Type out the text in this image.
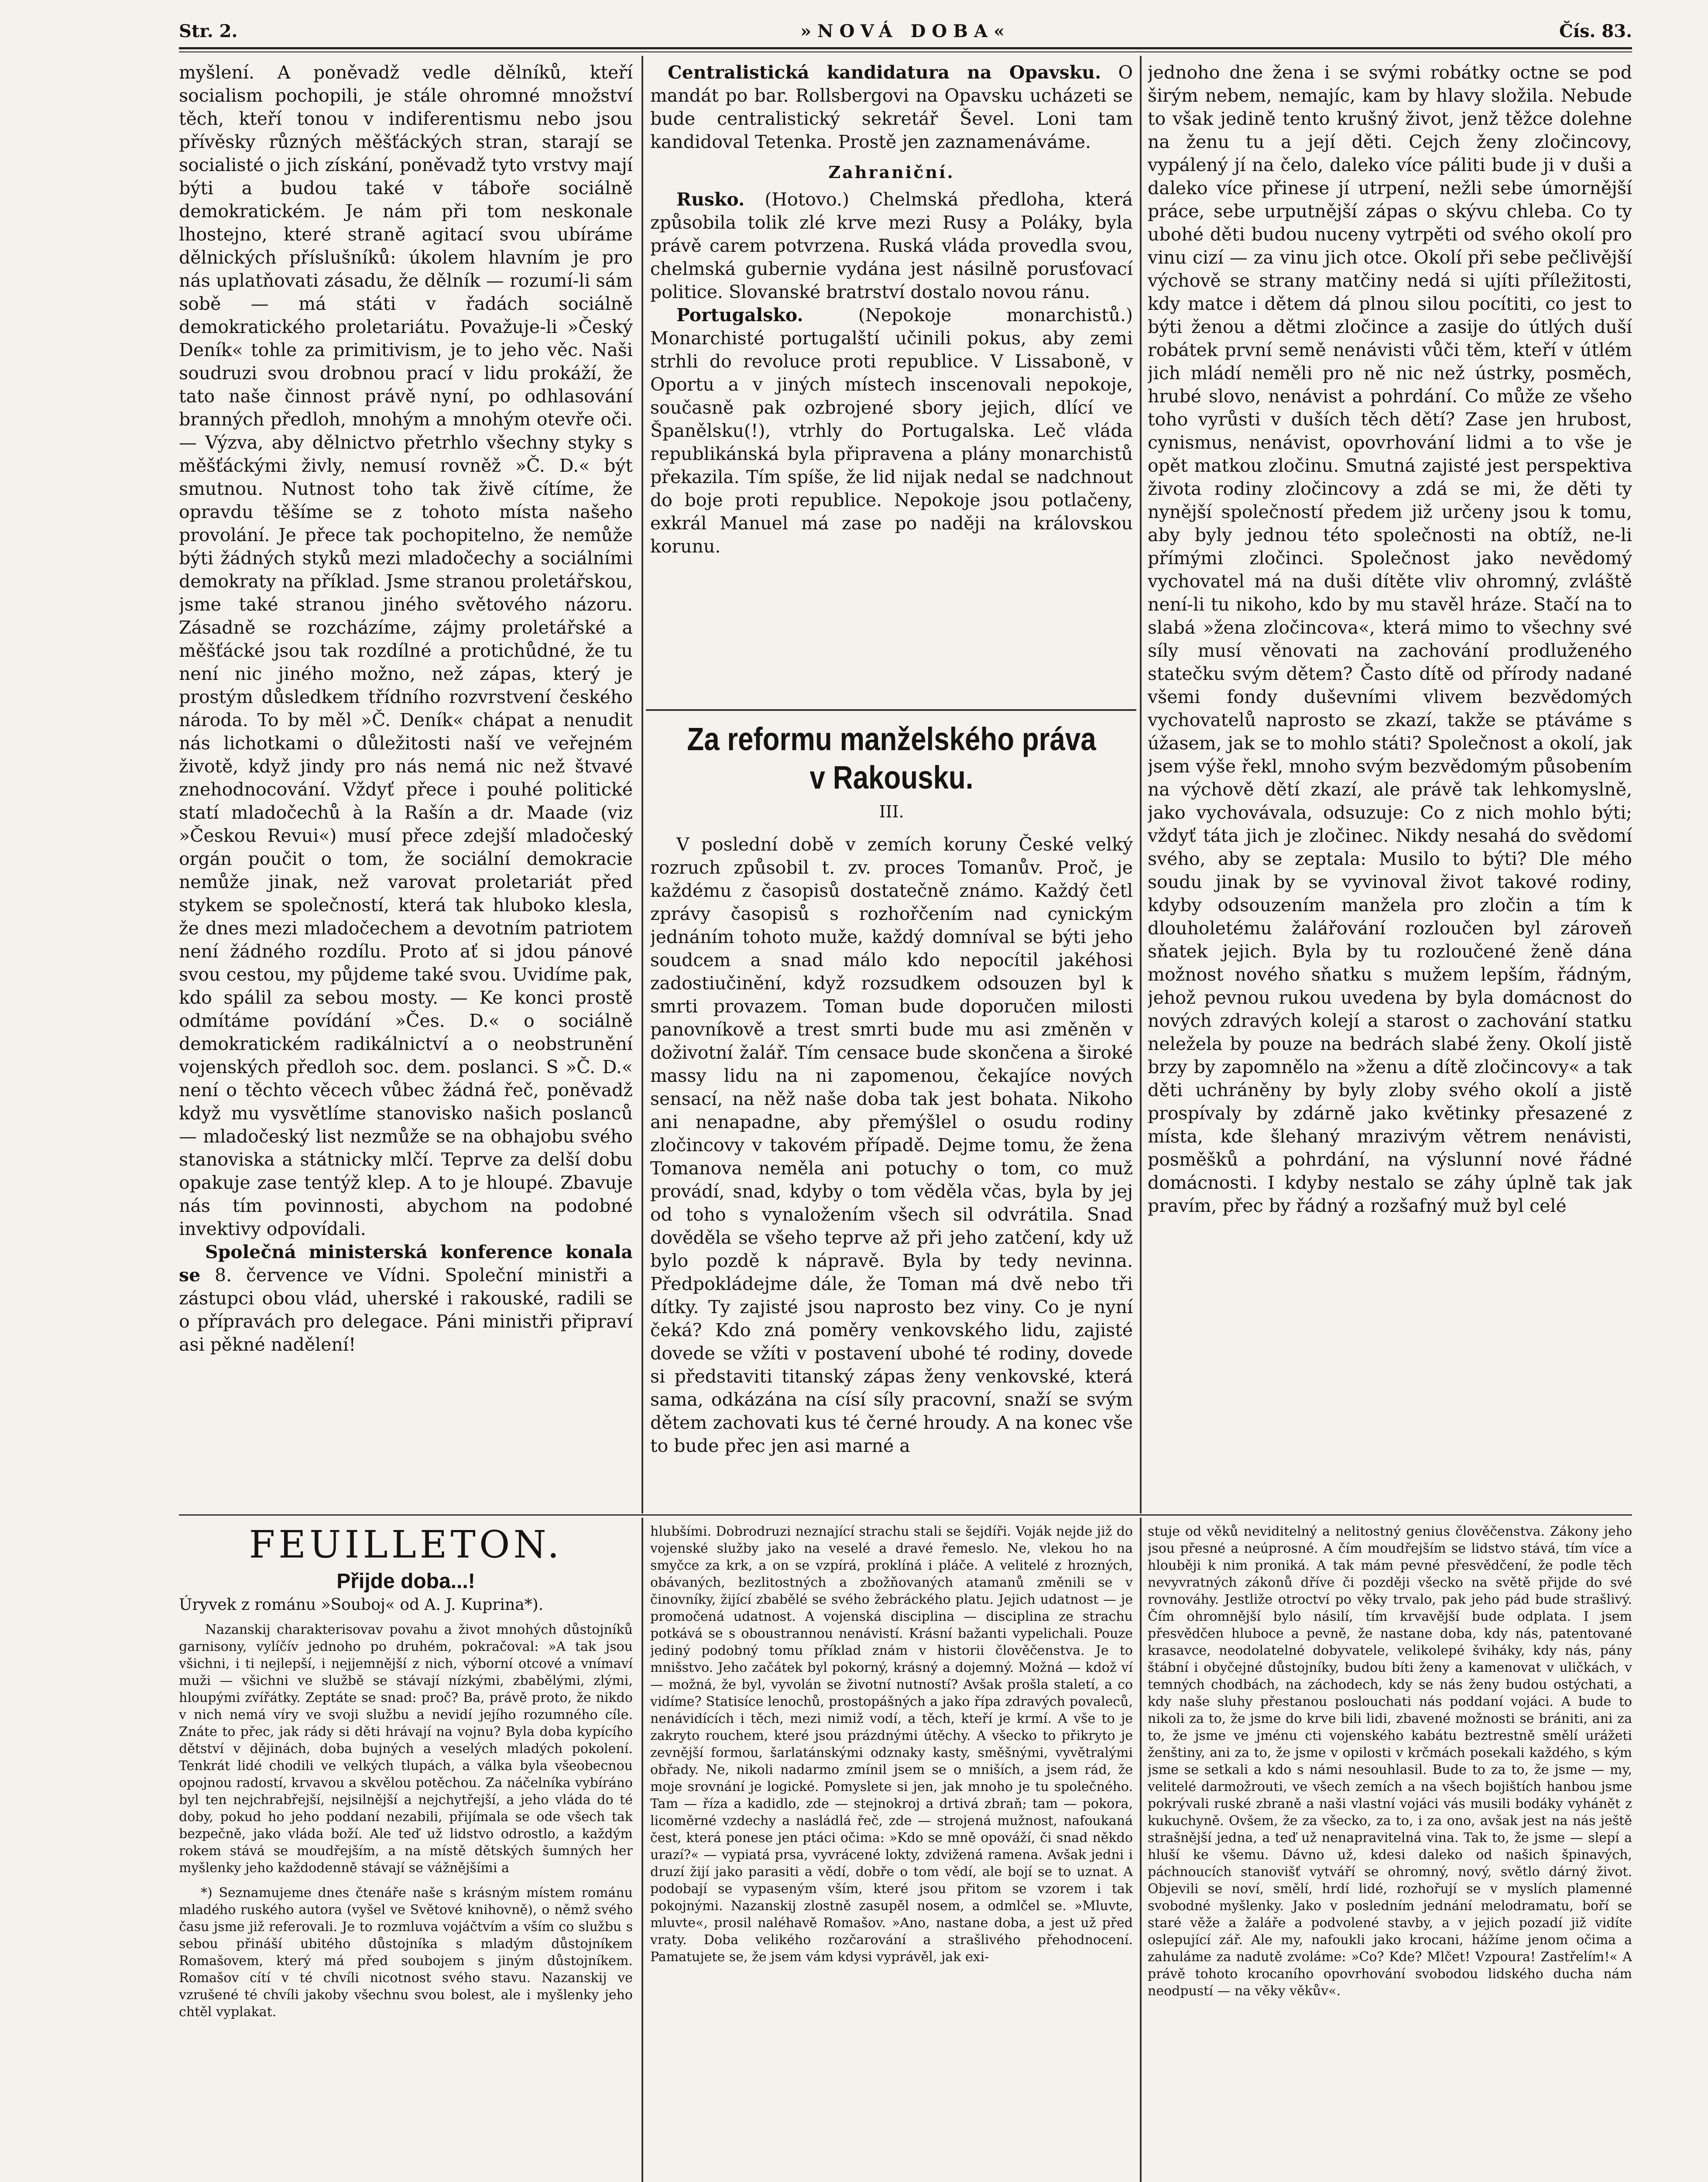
Str. 2.	»NOVÁ DOBA«	Čís. 83.

myšlení. A poněvadž vedle dělníků, kteří socialism pochopili, je stále ohromné množství těch, kteří tonou v indiferentismu nebo jsou přívěsky různých měšťáckých stran, starají se socialisté o jich získání, poněvadž tyto vrstvy mají býti a budou také v táboře sociálně demokratickém. Je nám při tom neskonale lhostejno, které straně agitací svou ubíráme dělnických příslušníků: úkolem hlavním je pro nás uplatňovati zásadu, že dělník — rozumí-li sám sobě — má státi v řadách sociálně demokratického proletariátu. Považuje-li »Český Deník« tohle za primitivism, je to jeho věc. Naši soudruzi svou drobnou prací v lidu prokáží, že tato naše činnost právě nyní, po odhlasování branných předloh, mnohým a mnohým otevře oči. — Výzva, aby dělnictvo přetrhlo všechny styky s měšťáckými živly, nemusí rovněž »Č. D.« být smutnou. Nutnost toho tak živě cítíme, že opravdu těšíme se z tohoto místa našeho provolání. Je přece tak pochopitelno, že nemůže býti žádných styků mezi mladočechy a sociálními demokraty na příklad. Jsme stranou proletářskou, jsme také stranou jiného světového názoru. Zásadně se rozcházíme, zájmy proletářské a měšťácké jsou tak rozdílné a protichůdné, že tu není nic jiného možno, než zápas, který je prostým důsledkem třídního rozvrstvení českého národa. To by měl »Č. Deník« chápat a nenudit nás lichotkami o důležitosti naší ve veřejném životě, když jindy pro nás nemá nic než štvavé znehodnocování. Vždyť přece i pouhé politické statí mladočechů à la Rašín a dr. Maade (viz »Českou Revui«) musí přece zdejší mladočeský orgán poučit o tom, že sociální demokracie nemůže jinak, než varovat proletariát před stykem se společností, která tak hluboko klesla, že dnes mezi mladočechem a devotním patriotem není žádného rozdílu. Proto ať si jdou pánové svou cestou, my půjdeme také svou. Uvidíme pak, kdo spálil za sebou mosty. — Ke konci prostě odmítáme povídání »Čes. D.« o sociálně demokratickém radikálnictví a o neobstrunění vojenských předloh soc. dem. poslanci. S »Č. D.« není o těchto věcech vůbec žádná řeč, poněvadž když mu vysvětlíme stanovisko našich poslanců — mladočeský list nezmůže se na obhajobu svého stanoviska a státnicky mlčí. Teprve za delší dobu opakuje zase tentýž klep. A to je hloupé. Zbavuje nás tím povinnosti, abychom na podobné invektivy odpovídali.

Společná ministerská konference konala se 8. července ve Vídni. Společní ministři a zástupci obou vlád, uherské i rakouské, radili se o přípravách pro delegace. Páni ministři připraví asi pěkné nadělení!

Centralistická kandidatura na Opavsku. O mandát po bar. Rollsbergovi na Opavsku ucházeti se bude centralistický sekretář Ševel. Loni tam kandidoval Tetenka. Prostě jen zaznamenáváme.

Zahraniční.

Rusko. (Hotovo.) Chelmská předloha, která způsobila tolik zlé krve mezi Rusy a Poláky, byla právě carem potvrzena. Ruská vláda provedla svou, chelmská gubernie vydána jest násilně porusťovací politice. Slovanské bratrství dostalo novou ránu.

Portugalsko. (Nepokoje monarchistů.) Monarchisté portugalští učinili pokus, aby zemi strhli do revoluce proti republice. V Lissaboně, v Oportu a v jiných místech inscenovali nepokoje, současně pak ozbrojené sbory jejich, dlící ve Španělsku(!), vtrhly do Portugalska. Leč vláda republikánská byla připravena a plány monarchistů překazila. Tím spíše, že lid nijak nedal se nadchnout do boje proti republice. Nepokoje jsou potlačeny, exkrál Manuel má zase po naději na královskou korunu.

Za reformu manželského práva
v Rakousku.
III.

V poslední době v zemích koruny České velký rozruch způsobil t. zv. proces Tomanův. Proč, je každému z časopisů dostatečně známo. Každý četl zprávy časopisů s rozhořčením nad cynickým jednáním tohoto muže, každý domníval se býti jeho soudcem a snad málo kdo nepocítil jakéhosi zadostiučinění, když rozsudkem odsouzen byl k smrti provazem. Toman bude doporučen milosti panovníkově a trest smrti bude mu asi změněn v doživotní žalář. Tím censace bude skončena a široké massy lidu na ni zapomenou, čekajíce nových sensací, na něž naše doba tak jest bohata. Nikoho ani nenapadne, aby přemýšlel o osudu rodiny zločincovy v takovém případě. Dejme tomu, že žena Tomanova neměla ani potuchy o tom, co muž provádí, snad, kdyby o tom věděla včas, byla by jej od toho s vynaložením všech sil odvrátila. Snad dověděla se všeho teprve až při jeho zatčení, kdy už bylo pozdě k nápravě. Byla by tedy nevinna. Předpokládejme dále, že Toman má dvě nebo tři dítky. Ty zajisté jsou naprosto bez viny. Co je nyní čeká? Kdo zná poměry venkovského lidu, zajisté dovede se vžíti v postavení ubohé té rodiny, dovede si představiti titanský zápas ženy venkovské, která sama, odkázána na císí síly pracovní, snaží se svým dětem zachovati kus té černé hroudy. A na konec vše to bude přec jen asi marné a

jednoho dne žena i se svými robátky octne se pod širým nebem, nemajíc, kam by hlavy složila. Nebude to však jedině tento krušný život, jenž těžce dolehne na ženu tu a její děti. Cejch ženy zločincovy, vypálený jí na čelo, daleko více páliti bude ji v duši a daleko více přinese jí utrpení, nežli sebe úmornější práce, sebe urputnější zápas o skývu chleba. Co ty ubohé děti budou nuceny vytrpěti od svého okolí pro vinu cizí — za vinu jich otce. Okolí při sebe pečlivější výchově se strany matčiny nedá si ujíti příležitosti, kdy matce i dětem dá plnou silou pocítiti, co jest to býti ženou a dětmi zločince a zasije do útlých duší robátek první semě nenávisti vůči těm, kteří v útlém jich mládí neměli pro ně nic než ústrky, posměch, hrubé slovo, nenávist a pohrdání. Co může ze všeho toho vyrůsti v duších těch dětí? Zase jen hrubost, cynismus, nenávist, opovrhování lidmi a to vše je opět matkou zločinu. Smutná zajisté jest perspektiva života rodiny zločincovy a zdá se mi, že děti ty nynější společností předem již určeny jsou k tomu, aby byly jednou této společnosti na obtíž, ne-li přímými zločinci. Společnost jako nevědomý vychovatel má na duši dítěte vliv ohromný, zvláště není-li tu nikoho, kdo by mu stavěl hráze. Stačí na to slabá »žena zločincova«, která mimo to všechny své síly musí věnovati na zachování prodluženého statečku svým dětem? Často dítě od přírody nadané všemi fondy duševními vlivem bezvědomých vychovatelů naprosto se zkazí, takže se ptáváme s úžasem, jak se to mohlo státi? Společnost a okolí, jak jsem výše řekl, mnoho svým bezvědomým působením na výchově dětí zkazí, ale právě tak lehkomyslně, jako vychovávala, odsuzuje: Co z nich mohlo býti; vždyť táta jich je zločinec. Nikdy nesahá do svědomí svého, aby se zeptala: Musilo to býti? Dle mého soudu jinak by se vyvinoval život takové rodiny, kdyby odsouzením manžela pro zločin a tím k dlouholetému žalářování rozloučen byl zároveň sňatek jejich. Byla by tu rozloučené ženě dána možnost nového sňatku s mužem lepším, řádným, jehož pevnou rukou uvedena by byla domácnost do nových zdravých kolejí a starost o zachování statku neležela by pouze na bedrách slabé ženy. Okolí jistě brzy by zapomnělo na »ženu a dítě zločincovy« a tak děti uchráněny by byly zloby svého okolí a jistě prospívaly by zdárně jako květinky přesazené z místa, kde šlehaný mrazivým větrem nenávisti, posměšků a pohrdání, na výslunní nové řádné domácnosti. I kdyby nestalo se záhy úplně tak jak pravím, přec by řádný a rozšafný muž byl celé

FEUILLETON.
Přijde doba...!

Úryvek z románu »Souboj« od A. J. Kuprina*).

Nazanskij charakterisovav povahu a život mnohých důstojníků garnisony, vylíčív jednoho po druhém, pokračoval: »A tak jsou všichni, i ti nejlepší, i nejjemnější z nich, výborní otcové a vnímaví muži — všichni ve službě se stávají nízkými, zbabělými, zlými, hloupými zvířátky. Zeptáte se snad: proč? Ba, právě proto, že nikdo v nich nemá víry ve svoji službu a nevidí jejího rozumného cíle. Znáte to přec, jak rády si děti hrávají na vojnu? Byla doba kypícího dětství v dějinách, doba bujných a veselých mladých pokolení. Tenkrát lidé chodili ve velkých tlupách, a válka byla všeobecnou opojnou radostí, krvavou a skvělou potěchou. Za náčelníka vybíráno byl ten nejchrabřejší, nejsilnější a nejchytřejší, a jeho vláda do té doby, pokud ho jeho poddaní nezabili, přijímala se ode všech tak bezpečně, jako vláda boží. Ale teď už lidstvo odrostlo, a každým rokem stává se moudřejším, a na místě dětských šumných her myšlenky jeho každodenně stávají se vážnějšími a

*) Seznamujeme dnes čtenáře naše s krásným místem románu mladého ruského autora (vyšel ve Světové knihovně), o němž svého času jsme již referovali. Je to rozmluva vojáčtvím a vším co službu s sebou přináší ubitého důstojníka s mladým důstojníkem Romašovem, který má před soubojem s jiným důstojníkem. Romašov cítí v té chvíli nicotnost svého stavu. Nazanskij ve vzrušené té chvíli jakoby všechnu svou bolest, ale i myšlenky jeho chtěl vyplakat.

hlubšími. Dobrodruzi neznající strachu stali se šejdíři. Voják nejde již do vojenské služby jako na veselé a dravé řemeslo. Ne, vlekou ho na smyčce za krk, a on se vzpírá, proklíná i pláče. A velitelé z hrozných, obávaných, bezlitostných a zbožňovaných atamanů změnili se v činovníky, žijící zbabělé se svého žebráckého platu. Jejich udatnost — je promočená udatnost. A vojenská disciplina — disciplina ze strachu potkává se s oboustrannou nenávistí. Krásní bažanti vypelichali. Pouze jediný podobný tomu příklad znám v historii člověčenstva. Je to mnišstvo. Jeho začátek byl pokorný, krásný a dojemný. Možná — kdož ví — možná, že byl, vyvolán se životní nutností? Avšak prošla staletí, a co vidíme? Statisíce lenochů, prostopášných a jako řípa zdravých povaleců, nenávidících i těch, mezi nimiž vodí, a těch, kteří je krmí. A vše to je zakryto rouchem, které jsou prázdnými útěchy. A všecko to přikryto je zevnější formou, šarlatánskými odznaky kasty, směšnými, vyvětralými obřady. Ne, nikoli nadarmo zmínil jsem se o mniších, a jsem rád, že moje srovnání je logické. Pomyslete si jen, jak mnoho je tu společného. Tam — říza a kadidlo, zde — stejnokroj a drtivá zbraň; tam — pokora, licoměrné vzdechy a nasládlá řeč, zde — strojená mužnost, nafoukaná čest, která ponese jen ptáci očima: »Kdo se mně opováží, či snad někdo urazí?« — vypiatá prsa, vyvrácené lokty, zdvižená ramena. Avšak jedni i druzí žijí jako parasiti a vědí, dobře o tom vědí, ale bojí se to uznat. A podobají se vypaseným vším, které jsou přitom se vzorem i tak pokojnými. Nazanskij zlostně zasupěl nosem, a odmlčel se. »Mluvte, mluvte«, prosil naléhavě Romašov. »Ano, nastane doba, a jest už před vraty. Doba velikého rozčarování a strašlivého přehodnocení. Pamatujete se, že jsem vám kdysi vyprávěl, jak exi-

stuje od věků neviditelný a nelitostný genius člověčenstva. Zákony jeho jsou přesné a neúprosné. A čím moudřejším se lidstvo stává, tím více a hlouběji k nim proniká. A tak mám pevné přesvědčení, že podle těch nevyvratných zákonů dříve či později všecko na světě přijde do své rovnováhy. Jestliže otroctví po věky trvalo, pak jeho pád bude strašlivý. Čím ohromnější bylo násilí, tím krvavější bude odplata. I jsem přesvědčen hluboce a pevně, že nastane doba, kdy nás, patentované krasavce, neodolatelné dobyvatele, velikolepé šviháky, kdy nás, pány štábní i obyčejné důstojníky, budou bíti ženy a kamenovat v uličkách, v temných chodbách, na záchodech, kdy se nás ženy budou ostýchati, a kdy naše sluhy přestanou poslouchati nás poddaní vojáci. A bude to nikoli za to, že jsme do krve bili lidi, zbavené možnosti se brániti, ani za to, že jsme ve jménu cti vojenského kabátu beztrestně smělí urážeti ženštiny, ani za to, že jsme v opilosti v krčmách posekali každého, s kým jsme se setkali a kdo s námi nesouhlasil. Bude to za to, že jsme — my, velitelé darmožrouti, ve všech zemích a na všech bojištích hanbou jsme pokrývali ruské zbraně a naši vlastní vojáci vás musili bodáky vyhánět z kukuchyně. Ovšem, že za všecko, za to, i za ono, avšak jest na nás ještě strašnější jedna, a teď už nenapravitelná vina. Tak to, že jsme — slepí a hluší ke všemu. Dávno už, kdesi daleko od našich špinavých, páchnoucích stanovišť vytváří se ohromný, nový, světlo dárný život. Objevili se noví, smělí, hrdí lidé, rozhořují se v myslích plamenné svobodné myšlenky. Jako v posledním jednání melodramatu, boří se staré věže a žaláře a podvolené stavby, a v jejich pozadí již vidíte oslepující zář. Ale my, nafoukli jako krocani, hážíme jenom očima a zahuláme za nadutě zvoláme: »Co? Kde? Mlčet! Vzpoura! Zastřelím!« A právě tohoto krocaního opovrhování svobodou lidského ducha nám neodpustí — na věky věkův«.
